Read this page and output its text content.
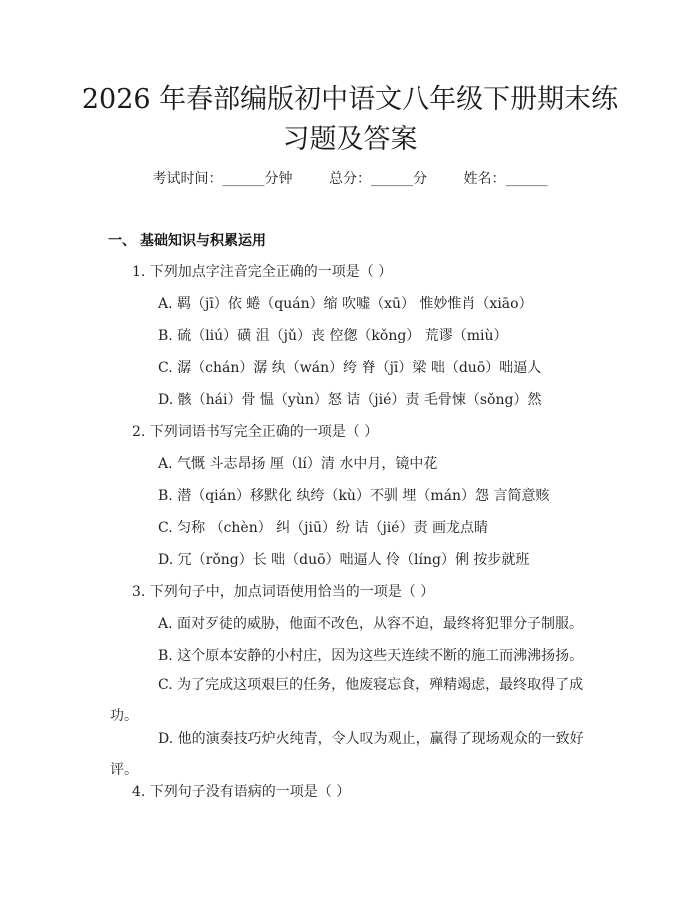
2026 年春部编版初中语文八年级下册期末练
习题及答案
考试时间：______分钟	总分：______分	姓名：______
一、 基础知识与积累运用
1. 下列加点字注音完全正确的一项是（ ）
A. 羁（jī）依 蜷（quán）缩 吹嘘（xū） 惟妙惟肖（xiāo）
B. 硫（liú）磺 沮（jǔ）丧 倥偬（kǒng） 荒谬（miù）
C. 潺（chán）潺 纨（wán）绔 脊（jī）梁 咄（duō）咄逼人
D. 骸（hái）骨 愠（yùn）怒 诘（jié）责 毛骨悚（sǒng）然
2. 下列词语书写完全正确的一项是（ ）
A. 气慨 斗志昂扬 厘（lí）清 水中月，镜中花
B. 潜（qián）移默化 纨绔（kù）不驯 埋（mán）怨 言简意赅
C. 匀称 （chèn） 纠（jiū）纷 诘（jié）责 画龙点睛
D. 冗（rǒng）长 咄（duō）咄逼人 伶（líng）俐 按步就班
3. 下列句子中，加点词语使用恰当的一项是（ ）
A. 面对歹徒的威胁，他面不改色，从容不迫，最终将犯罪分子制服。
B. 这个原本安静的小村庄，因为这些天连续不断的施工而沸沸扬扬。
C. 为了完成这项艰巨的任务，他废寝忘食，殚精竭虑，最终取得了成功。
D. 他的演奏技巧炉火纯青，令人叹为观止，赢得了现场观众的一致好评。
4. 下列句子没有语病的一项是（ ）
